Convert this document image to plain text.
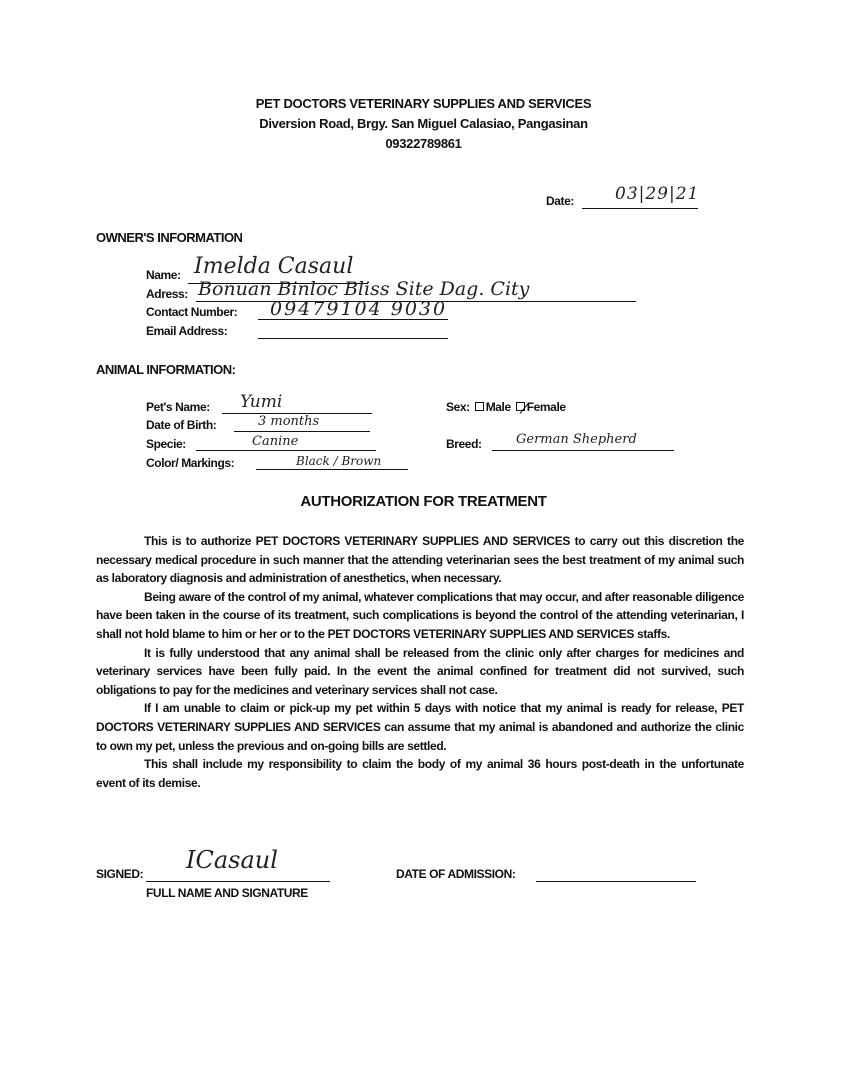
PET DOCTORS VETERINARY SUPPLIES AND SERVICES
Diversion Road, Brgy. San Miguel Calasiao, Pangasinan
09322789861
Date: 03|29|21
OWNER'S INFORMATION
Name: Imelda Casaul
Adress: Bonuan Binloc Bliss Site Dag. City
Contact Number: 09479104 9030
Email Address:
ANIMAL INFORMATION:
Pet's Name: Yumi
Date of Birth:	3 months
Specie:	Canine
Color/ Markings:	Black / Brown
Sex: Male Female
Breed:	German Shepherd
AUTHORIZATION FOR TREATMENT

This is to authorize PET DOCTORS VETERINARY SUPPLIES AND SERVICES to carry out this discretion the necessary medical procedure in such manner that the attending veterinarian sees the best treatment of my animal such as laboratory diagnosis and administration of anesthetics, when necessary.

Being aware of the control of my animal, whatever complications that may occur, and after reasonable diligence have been taken in the course of its treatment, such complications is beyond the control of the attending veterinarian, I shall not hold blame to him or her or to the PET DOCTORS VETERINARY SUPPLIES AND SERVICES staffs.

It is fully understood that any animal shall be released from the clinic only after charges for medicines and veterinary services have been fully paid. In the event the animal confined for treatment did not survived, such obligations to pay for the medicines and veterinary services shall not case.

If I am unable to claim or pick-up my pet within 5 days with notice that my animal is ready for release, PET DOCTORS VETERINARY SUPPLIES AND SERVICES can assume that my animal is abandoned and authorize the clinic to own my pet, unless the previous and on-going bills are settled.

This shall include my responsibility to claim the body of my animal 36 hours post-death in the unfortunate event of its demise.

SIGNED: ICasaul
FULL NAME AND SIGNATURE
DATE OF ADMISSION:
